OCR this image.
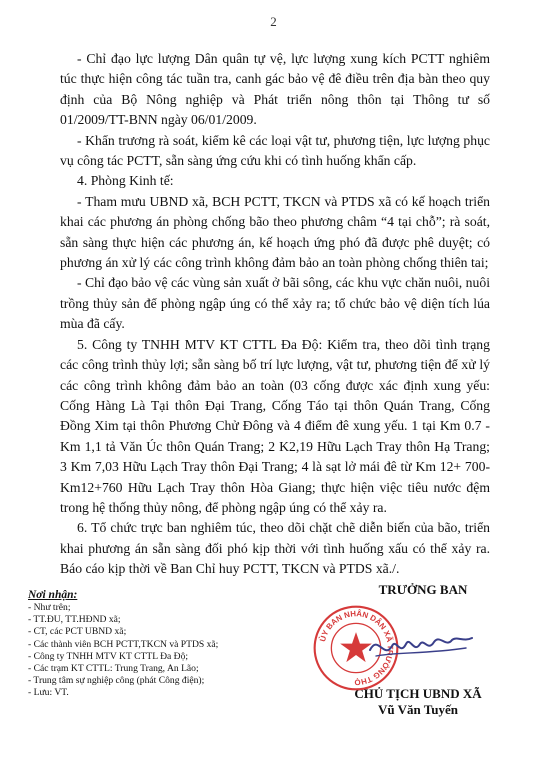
2

- Chỉ đạo lực lượng Dân quân tự vệ, lực lượng xung kích PCTT nghiêm túc thực hiện công tác tuần tra, canh gác bảo vệ đê điều trên địa bàn theo quy định của Bộ Nông nghiệp và Phát triển nông thôn tại Thông tư số 01/2009/TT-BNN ngày 06/01/2009.

- Khẩn trương rà soát, kiểm kê các loại vật tư, phương tiện, lực lượng phục vụ công tác PCTT, sẵn sàng ứng cứu khi có tình huống khẩn cấp.

4. Phòng Kinh tế:

- Tham mưu UBND xã, BCH PCTT, TKCN và PTDS xã có kế hoạch triển khai các phương án phòng chống bão theo phương châm “4 tại chỗ”; rà soát, sẵn sàng thực hiện các phương án, kế hoạch ứng phó đã được phê duyệt; có phương án xử lý các công trình không đảm bảo an toàn phòng chống thiên tai;

- Chỉ đạo bảo vệ các vùng sản xuất ở bãi sông, các khu vực chăn nuôi, nuôi trồng thủy sản để phòng ngập úng có thể xảy ra; tổ chức bảo vệ diện tích lúa mùa đã cấy.

5. Công ty TNHH MTV KT CTTL Đa Độ: Kiểm tra, theo dõi tình trạng các công trình thủy lợi; sẵn sàng bố trí lực lượng, vật tư, phương tiện để xử lý các công trình không đảm bảo an toàn (03 cống được xác định xung yếu: Cống Hàng Là Tại thôn Đại Trang, Cống Táo tại thôn Quán Trang, Cống Đồng Xim tại thôn Phương Chử Đông và 4 điểm đê xung yếu. 1 tại Km 0.7 - Km 1,1 tả Văn Úc thôn Quán Trang; 2 K2,19 Hữu Lạch Tray thôn Hạ Trang; 3 Km 7,03 Hữu Lạch Tray thôn Đại Trang; 4 là sạt lở mái đê từ Km 12+ 700- Km12+760 Hữu Lạch Tray thôn Hòa Giang; thực hiện việc tiêu nước đệm trong hệ thống thủy nông, để phòng ngập úng có thể xảy ra.

6. Tổ chức trực ban nghiêm túc, theo dõi chặt chẽ diễn biến của bão, triển khai phương án sẵn sàng đối phó kịp thời với tình huống xấu có thể xảy ra. Báo cáo kịp thời về Ban Chỉ huy PCTT, TKCN và PTDS xã./.

Nơi nhận:
- Như trên;
- TT.ĐU, TT.HĐND xã;
- CT, các PCT UBND xã;
- Các thành viên BCH PCTT,TKCN và PTDS xã;
- Công ty TNHH MTV KT CTTL Đa Độ;
- Các trạm KT CTTL: Trung Trang, An Lão;
- Trung tâm sự nghiệp công (phát Công điện);
- Lưu: VT.
TRƯỞNG BAN
ỦY BAN NHÂN DÂN XÃ TRƯỜNG THỌ
CHỦ TỊCH UBND XÃ
Vũ Văn Tuyến
